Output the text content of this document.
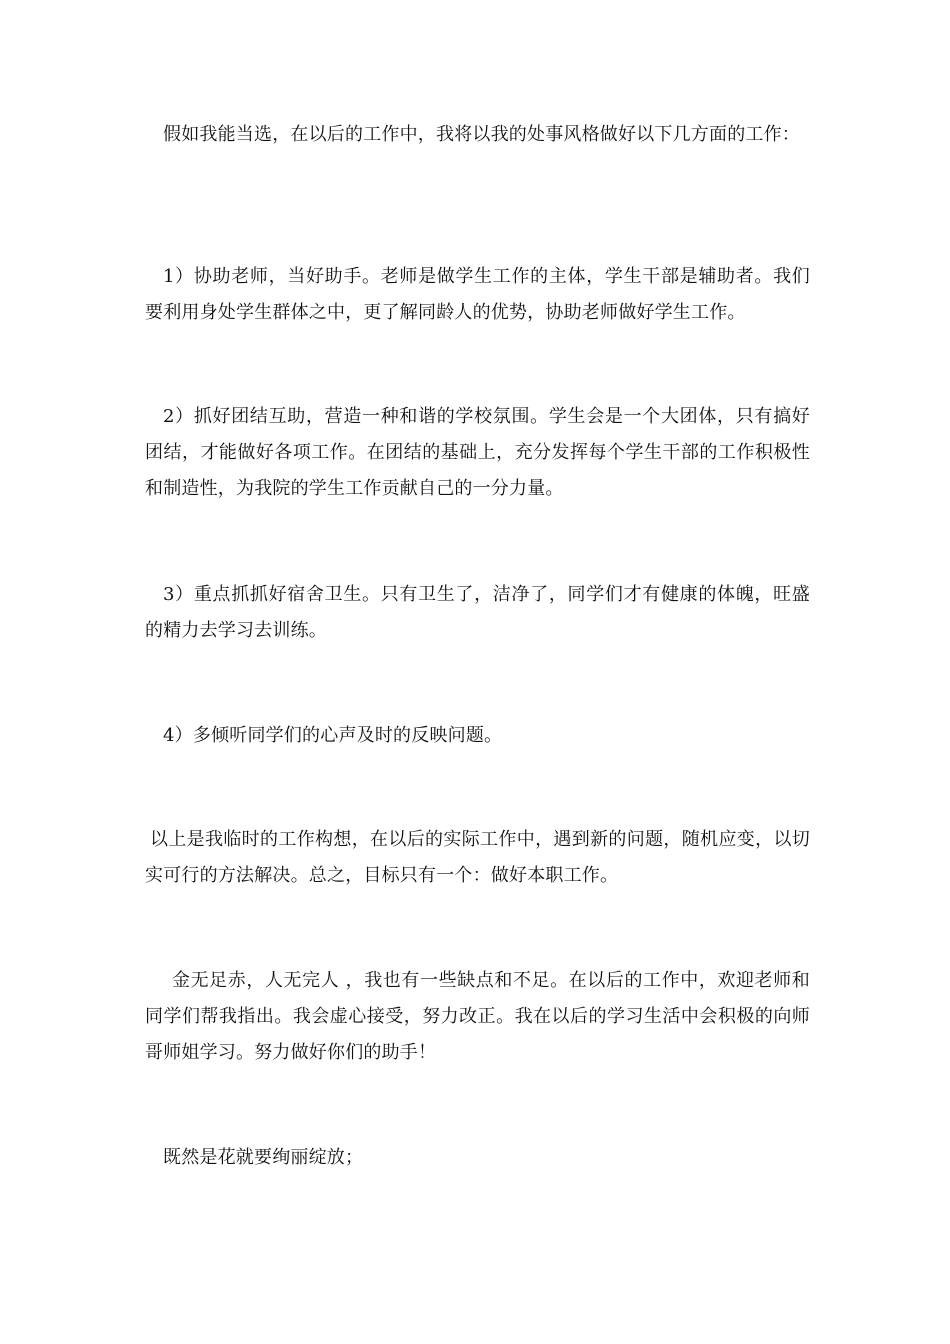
假如我能当选，在以后的工作中，我将以我的处事风格做好以下几方面的工作：

1）协助老师，当好助手。老师是做学生工作的主体，学生干部是辅助者。我们要利用身处学生群体之中，更了解同龄人的优势，协助老师做好学生工作。

2）抓好团结互助，营造一种和谐的学校氛围。学生会是一个大团体，只有搞好团结，才能做好各项工作。在团结的基础上，充分发挥每个学生干部的工作积极性和制造性，为我院的学生工作贡献自己的一分力量。

3）重点抓抓好宿舍卫生。只有卫生了，洁净了，同学们才有健康的体魄，旺盛的精力去学习去训练。

4）多倾听同学们的心声及时的反映问题。

以上是我临时的工作构想，在以后的实际工作中，遇到新的问题，随机应变，以切实可行的方法解决。总之，目标只有一个：做好本职工作。

金无足赤，人无完人 ，我也有一些缺点和不足。在以后的工作中，欢迎老师和同学们帮我指出。我会虚心接受，努力改正。我在以后的学习生活中会积极的向师哥师姐学习。努力做好你们的助手！

既然是花就要绚丽绽放；
